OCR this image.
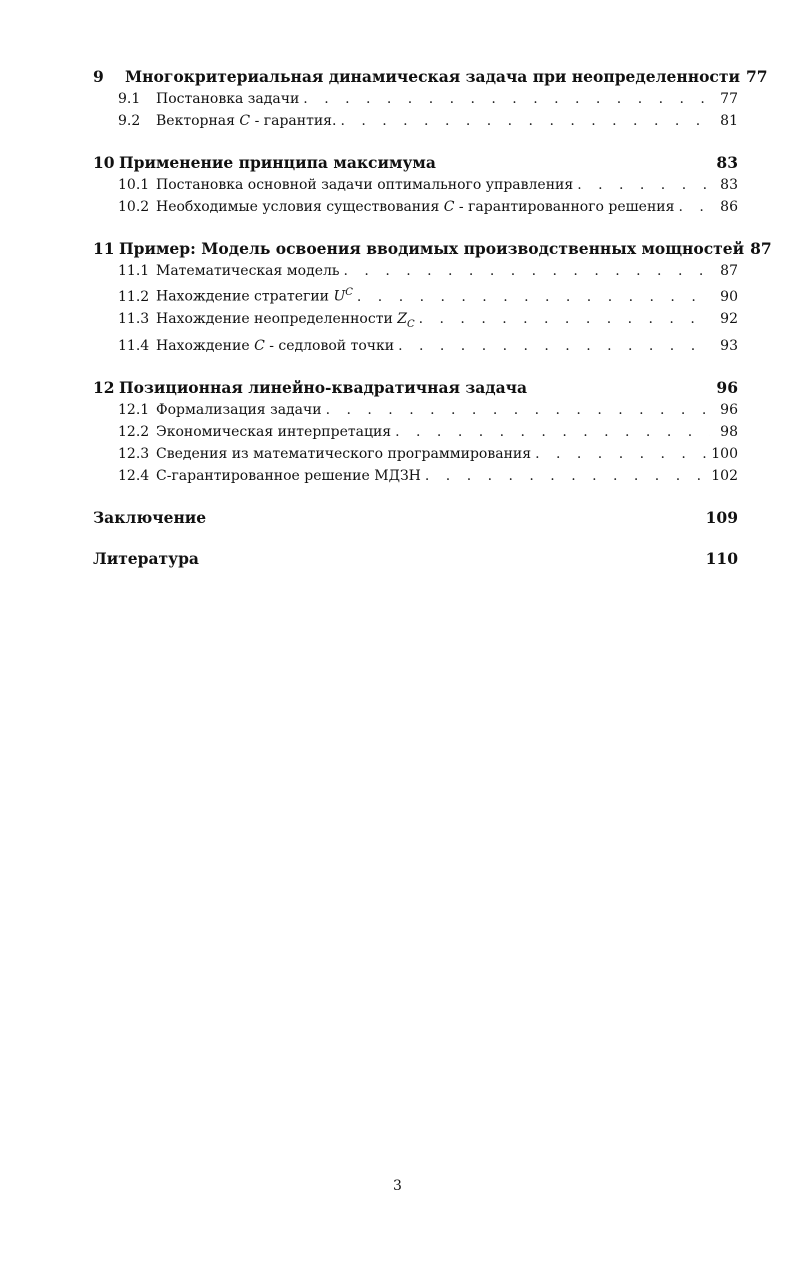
9	Многокритериальная динамическая задача при неопределенности 77
9.1	Постановка задачи . . .	77
9.2	Векторная C - гарантия. . . .	81
10 Применение принципа максимума	83
10.1 Постановка основной задачи оптимального управления . . .	83
10.2 Необходимые условия существования C - гарантированного решения . . .	86
11 Пример: Модель освоения вводимых производственных мощностей 87
11.1 Математическая модель . . .	87
11.2 Нахождение стратегии $U^C$ . . .	90
11.3 Нахождение неопределенности $Z_C$ . . .	92
11.4 Нахождение C - седловой точки . . .	93
12 Позиционная линейно-квадратичная задача	96
12.1 Формализация задачи . . .	96
12.2 Экономическая интерпретация . . .	98
12.3 Сведения из математического программирования . . .	100
12.4 С-гарантированное решение МДЗН . . .	102
Заключение	109
Литература	110
3
